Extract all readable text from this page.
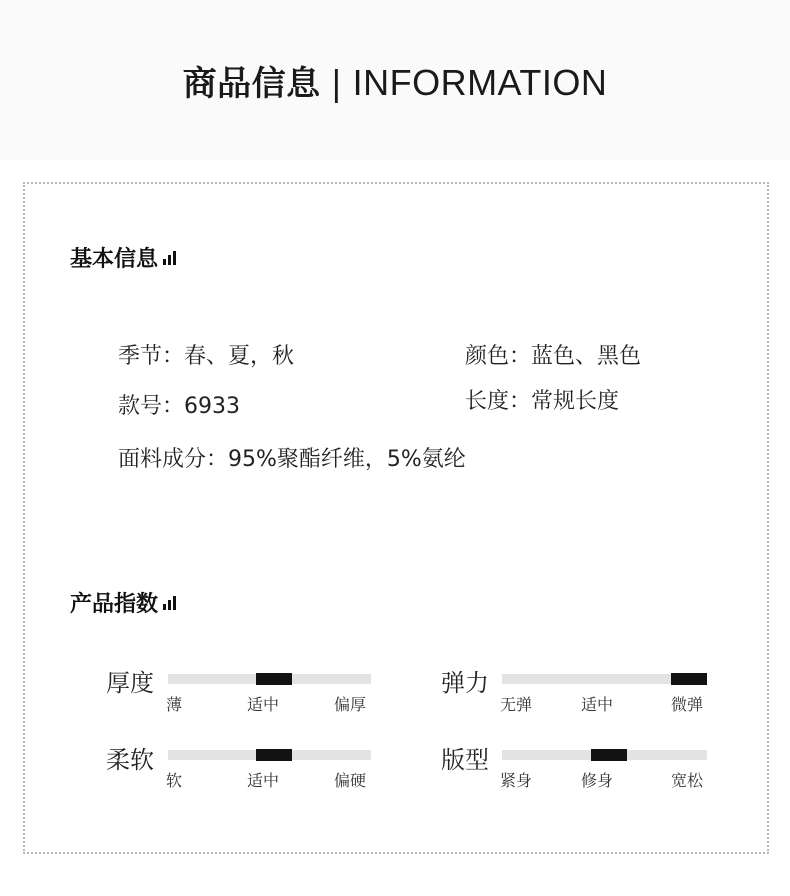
商品信息 | INFORMATION
基本信息
季节：春、夏，秋	颜色：蓝色、黑色
款号：6933	长度：常规长度
面料成分：95%聚酯纤维，5%氨纶
产品指数
厚度
薄	适中	偏厚
弹力
无弹	适中	微弹
柔软
软	适中	偏硬
版型
紧身	修身	宽松
